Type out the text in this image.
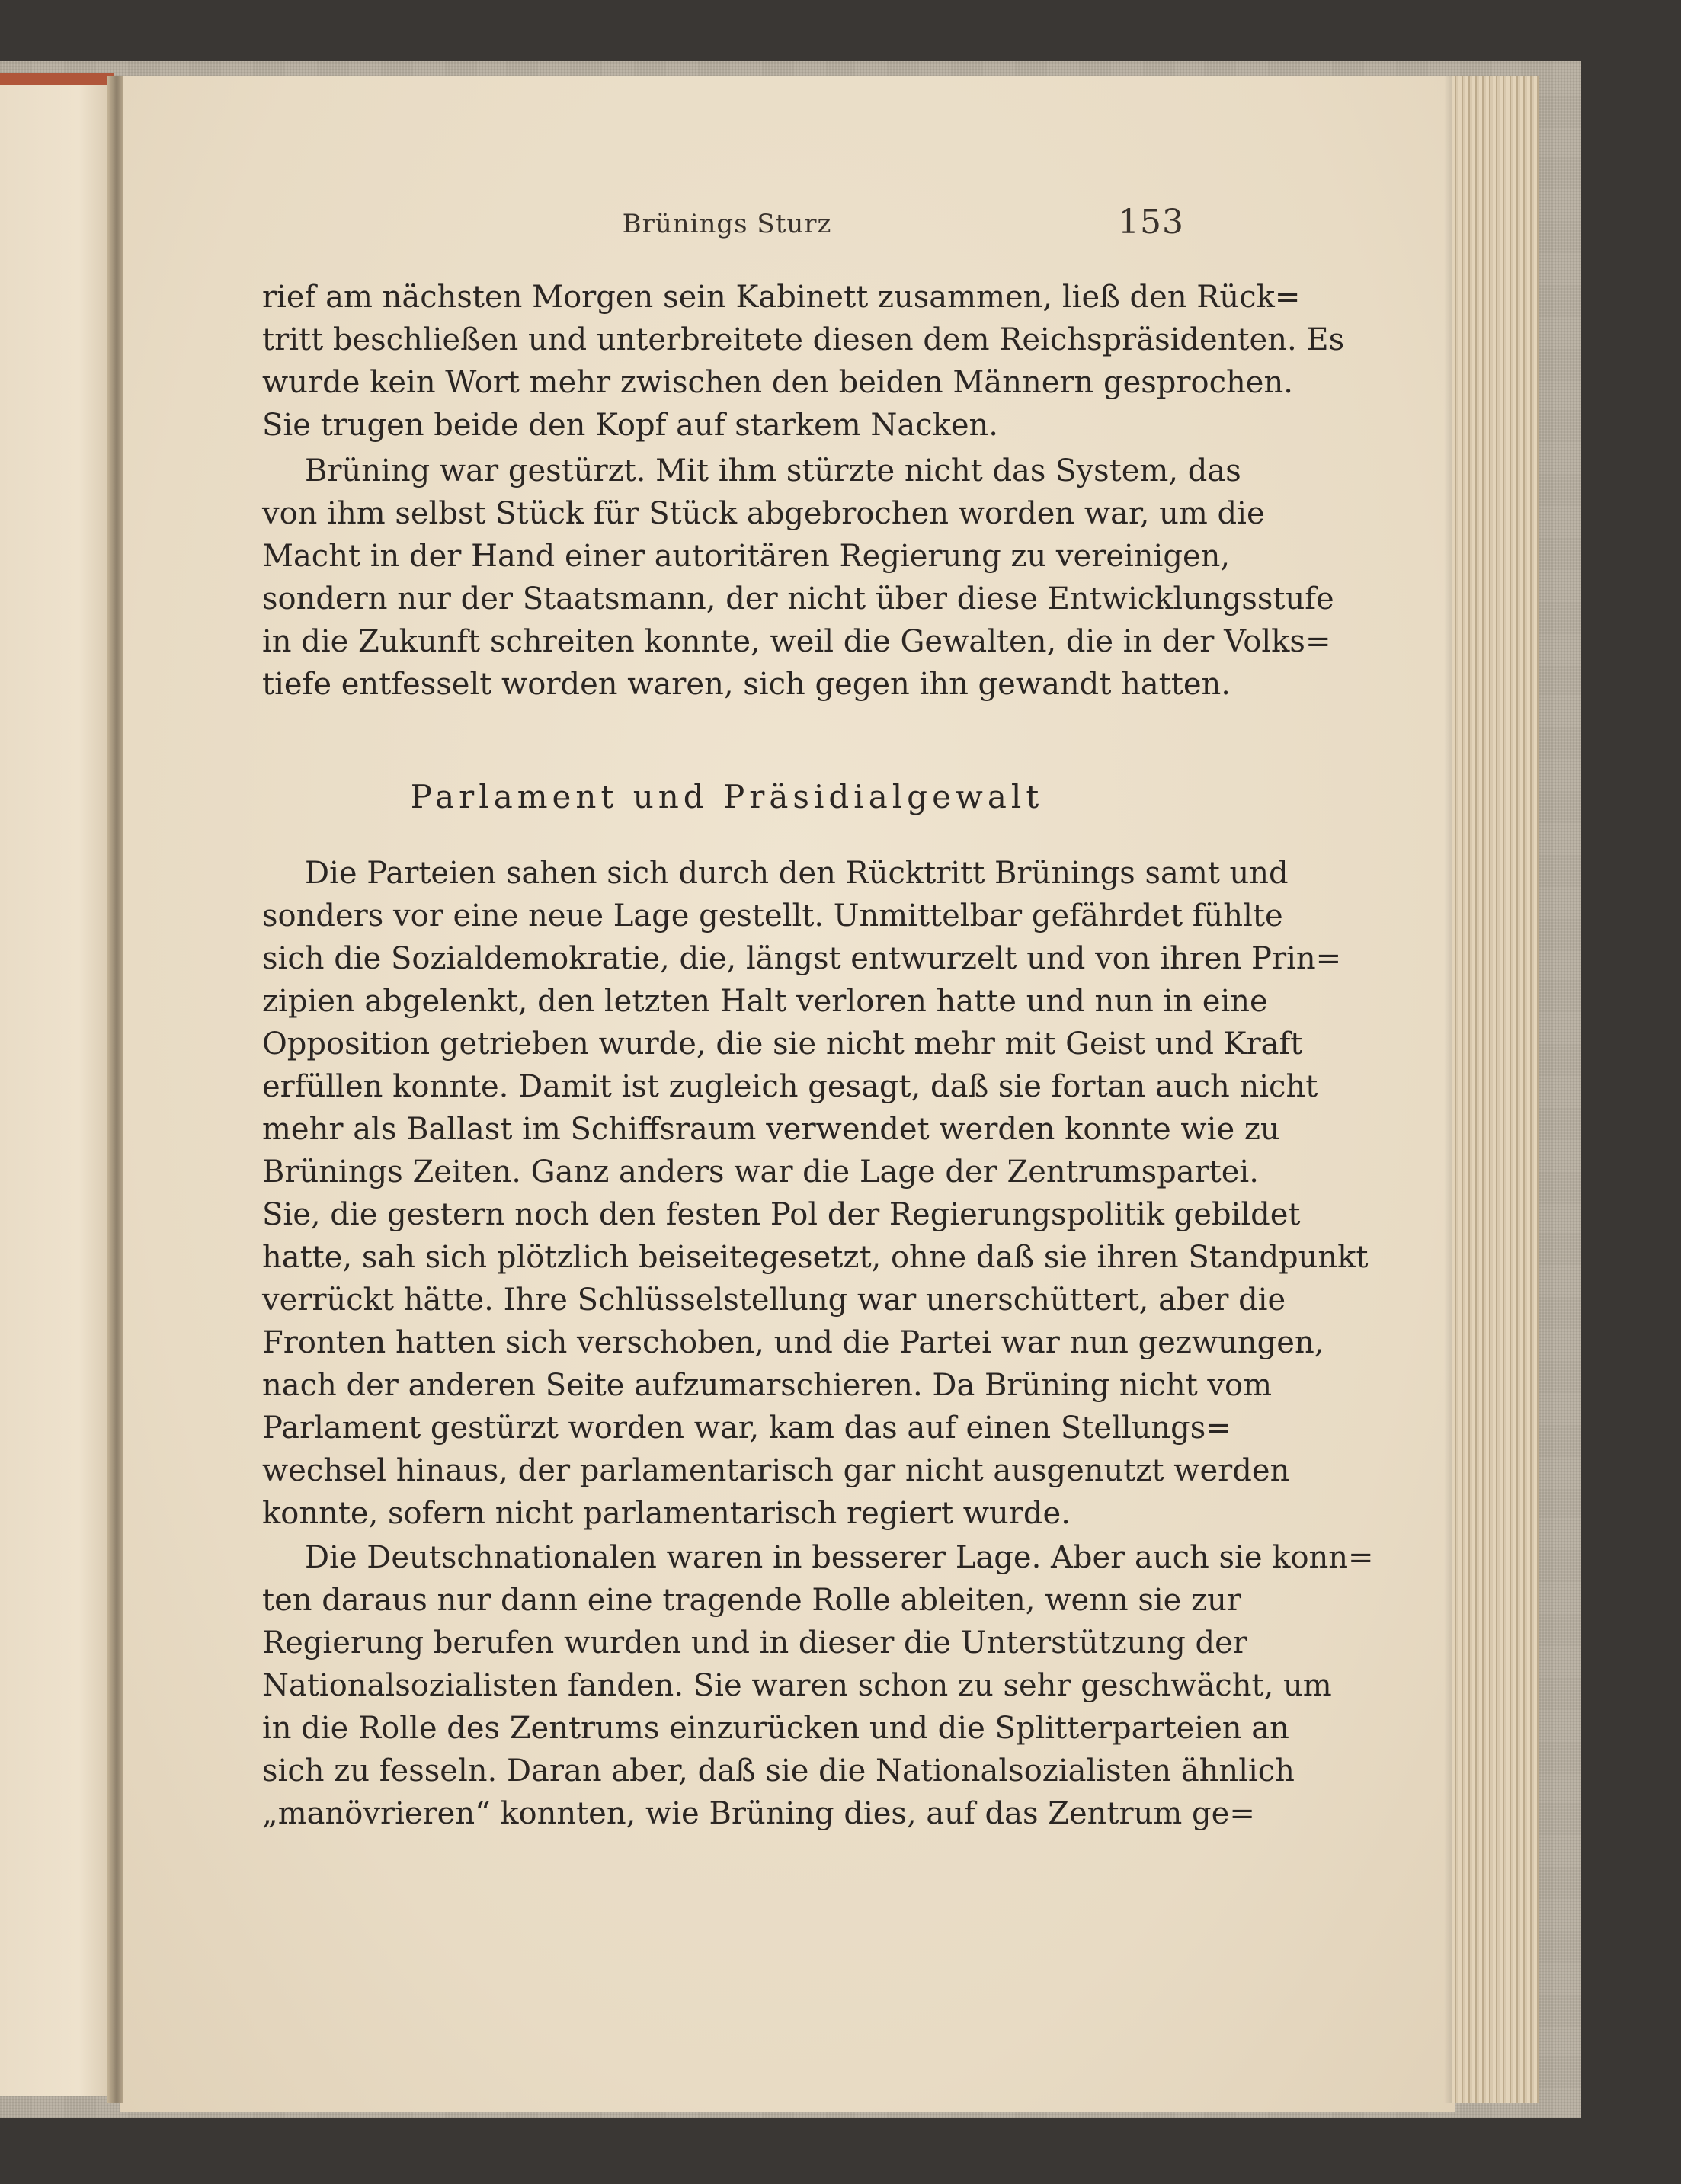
Brünings Sturz	153
rief am nächsten Morgen sein Kabinett zusammen, ließ den Rück=
tritt beschließen und unterbreitete diesen dem Reichspräsidenten. Es
wurde kein Wort mehr zwischen den beiden Männern gesprochen.
Sie trugen beide den Kopf auf starkem Nacken.
Brüning war gestürzt. Mit ihm stürzte nicht das System, das
von ihm selbst Stück für Stück abgebrochen worden war, um die
Macht in der Hand einer autoritären Regierung zu vereinigen,
sondern nur der Staatsmann, der nicht über diese Entwicklungsstufe
in die Zukunft schreiten konnte, weil die Gewalten, die in der Volks=
tiefe entfesselt worden waren, sich gegen ihn gewandt hatten.
Parlament und Präsidialgewalt
Die Parteien sahen sich durch den Rücktritt Brünings samt und
sonders vor eine neue Lage gestellt. Unmittelbar gefährdet fühlte
sich die Sozialdemokratie, die, längst entwurzelt und von ihren Prin=
zipien abgelenkt, den letzten Halt verloren hatte und nun in eine
Opposition getrieben wurde, die sie nicht mehr mit Geist und Kraft
erfüllen konnte. Damit ist zugleich gesagt, daß sie fortan auch nicht
mehr als Ballast im Schiffsraum verwendet werden konnte wie zu
Brünings Zeiten. Ganz anders war die Lage der Zentrumspartei.
Sie, die gestern noch den festen Pol der Regierungspolitik gebildet
hatte, sah sich plötzlich beiseitegesetzt, ohne daß sie ihren Standpunkt
verrückt hätte. Ihre Schlüsselstellung war unerschüttert, aber die
Fronten hatten sich verschoben, und die Partei war nun gezwungen,
nach der anderen Seite aufzumarschieren. Da Brüning nicht vom
Parlament gestürzt worden war, kam das auf einen Stellungs=
wechsel hinaus, der parlamentarisch gar nicht ausgenutzt werden
konnte, sofern nicht parlamentarisch regiert wurde.
Die Deutschnationalen waren in besserer Lage. Aber auch sie konn=
ten daraus nur dann eine tragende Rolle ableiten, wenn sie zur
Regierung berufen wurden und in dieser die Unterstützung der
Nationalsozialisten fanden. Sie waren schon zu sehr geschwächt, um
in die Rolle des Zentrums einzurücken und die Splitterparteien an
sich zu fesseln. Daran aber, daß sie die Nationalsozialisten ähnlich
„manövrieren“ konnten, wie Brüning dies, auf das Zentrum ge=
